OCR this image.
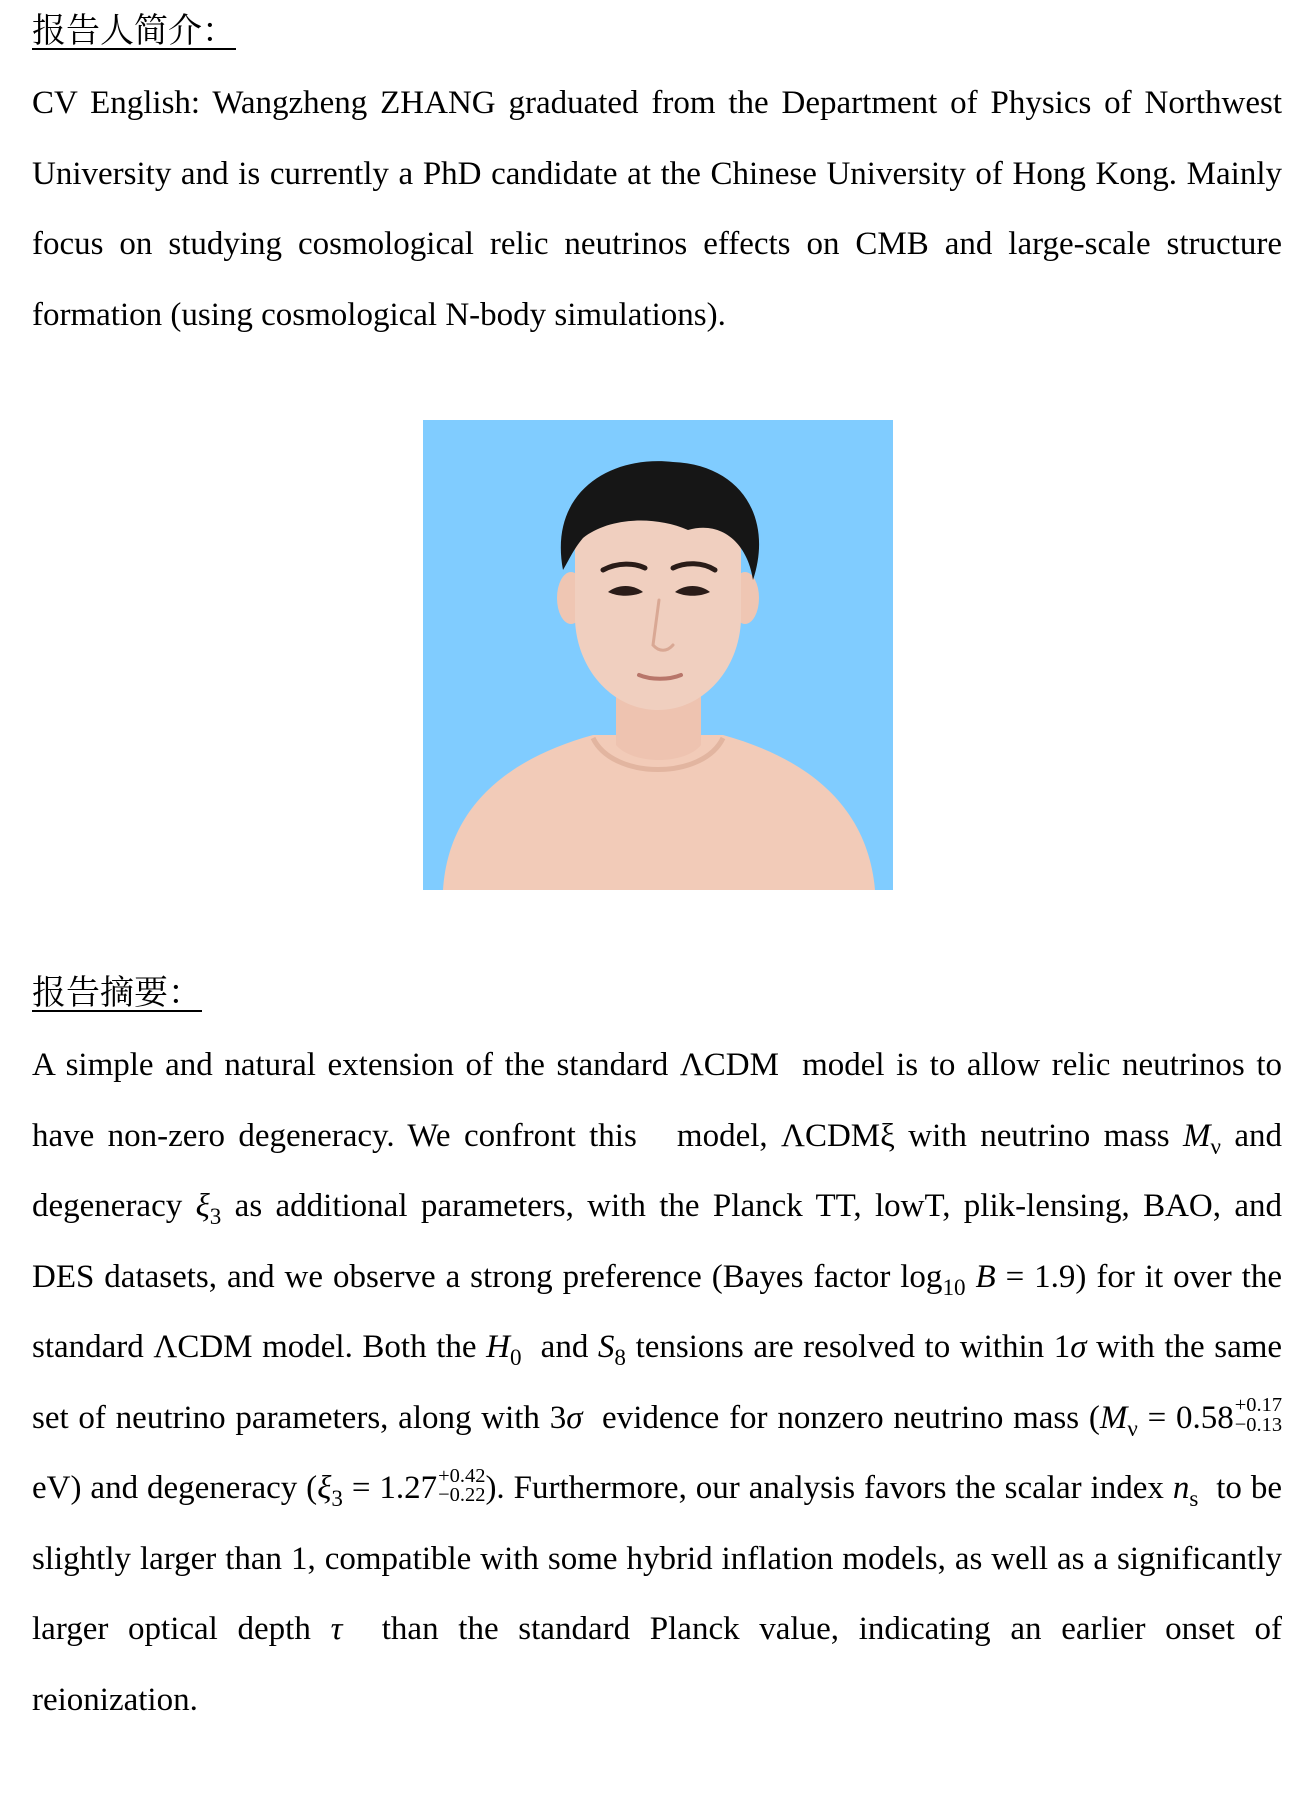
报告人简介：
CV English: Wangzheng ZHANG graduated from the Department of Physics of Northwest University and is currently a PhD candidate at the Chinese University of Hong Kong. Mainly focus on studying cosmological relic neutrinos effects on CMB and large-scale structure formation (using cosmological N-body simulations).
报告摘要：
A simple and natural extension of the standard ΛCDM model is to allow relic neutrinos to have non-zero degeneracy. We confront this model, ΛCDMξ with neutrino mass $M_\nu$ and degeneracy $\xi_3$ as additional parameters, with the Planck TT, lowT, plik-lensing, BAO, and DES datasets, and we observe a strong preference (Bayes factor $\log_{10} B = 1.9$) for it over the standard ΛCDM model. Both the $H_0$ and $S_8$ tensions are resolved to within 1σ with the same set of neutrino parameters, along with 3σ evidence for nonzero neutrino mass ($M_\nu = 0.58 +0.17$
−0.13
eV) and degeneracy ($\xi_3 = 1.27 +0.42$
−0.22 ). Furthermore, our analysis favors the scalar index $n_s$ to be slightly larger than 1, compatible with some hybrid inflation models, as well as a significantly larger optical depth τ than the standard Planck value, indicating an earlier onset of reionization.
